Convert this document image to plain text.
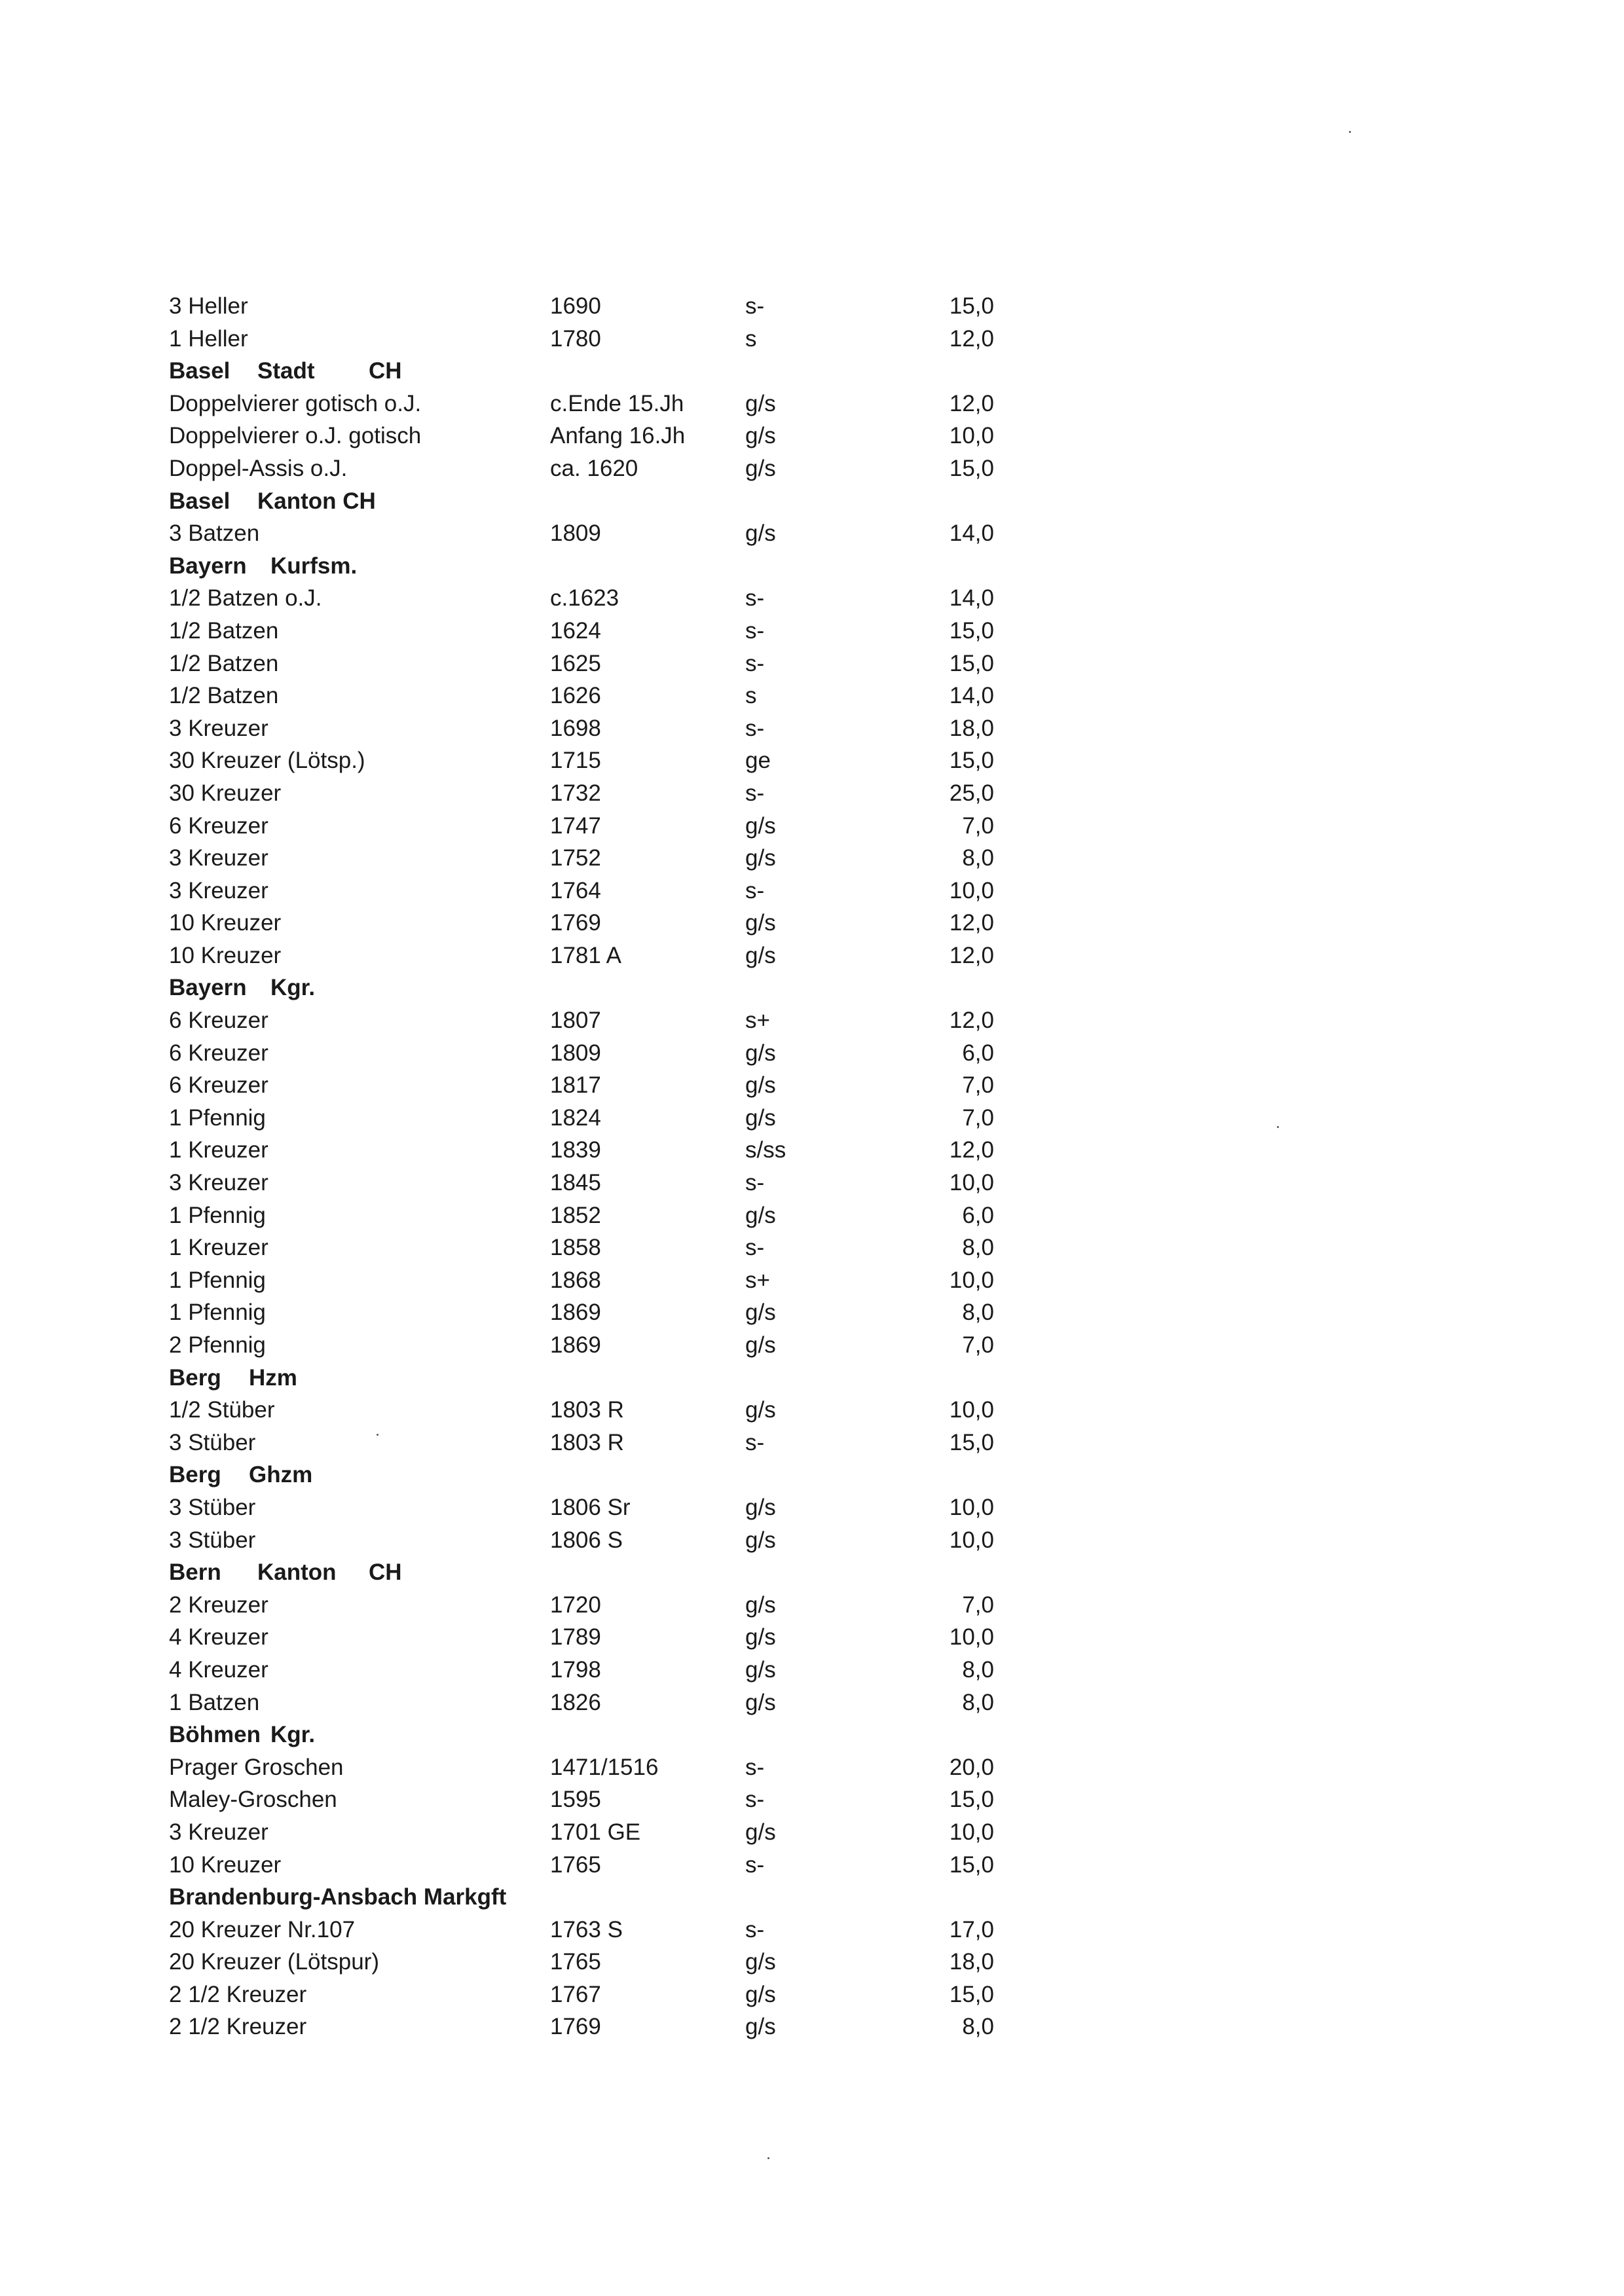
3 Heller	1690	s-	15,0
1 Heller	1780	s	12,0
Basel Stadt CH
Doppelvierer gotisch o.J.	c.Ende 15.Jh	g/s	12,0
Doppelvierer o.J. gotisch	Anfang 16.Jh	g/s	10,0
Doppel-Assis o.J.	ca. 1620	g/s	15,0
Basel Kanton CH
3 Batzen	1809	g/s	14,0
Bayern Kurfsm.
1/2 Batzen o.J.	c.1623	s-	14,0
1/2 Batzen	1624	s-	15,0
1/2 Batzen	1625	s-	15,0
1/2 Batzen	1626	s	14,0
3 Kreuzer	1698	s-	18,0
30 Kreuzer (Lötsp.)	1715	ge	15,0
30 Kreuzer	1732	s-	25,0
6 Kreuzer	1747	g/s	7,0
3 Kreuzer	1752	g/s	8,0
3 Kreuzer	1764	s-	10,0
10 Kreuzer	1769	g/s	12,0
10 Kreuzer	1781 A	g/s	12,0
Bayern Kgr.
6 Kreuzer	1807	s+	12,0
6 Kreuzer	1809	g/s	6,0
6 Kreuzer	1817	g/s	7,0
1 Pfennig	1824	g/s	7,0
1 Kreuzer	1839	s/ss	12,0
3 Kreuzer	1845	s-	10,0
1 Pfennig	1852	g/s	6,0
1 Kreuzer	1858	s-	8,0
1 Pfennig	1868	s+	10,0
1 Pfennig	1869	g/s	8,0
2 Pfennig	1869	g/s	7,0
Berg Hzm
1/2 Stüber	1803 R	g/s	10,0
3 Stüber	1803 R	s-	15,0
Berg Ghzm
3 Stüber	1806 Sr	g/s	10,0
3 Stüber	1806 S	g/s	10,0
Bern Kanton CH
2 Kreuzer	1720	g/s	7,0
4 Kreuzer	1789	g/s	10,0
4 Kreuzer	1798	g/s	8,0
1 Batzen	1826	g/s	8,0
Böhmen Kgr.
Prager Groschen	1471/1516	s-	20,0
Maley-Groschen	1595	s-	15,0
3 Kreuzer	1701 GE	g/s	10,0
10 Kreuzer	1765	s-	15,0
Brandenburg-Ansbach Markgft
20 Kreuzer Nr.107	1763 S	s-	17,0
20 Kreuzer (Lötspur)	1765	g/s	18,0
2 1/2 Kreuzer	1767	g/s	15,0
2 1/2 Kreuzer	1769	g/s	8,0
